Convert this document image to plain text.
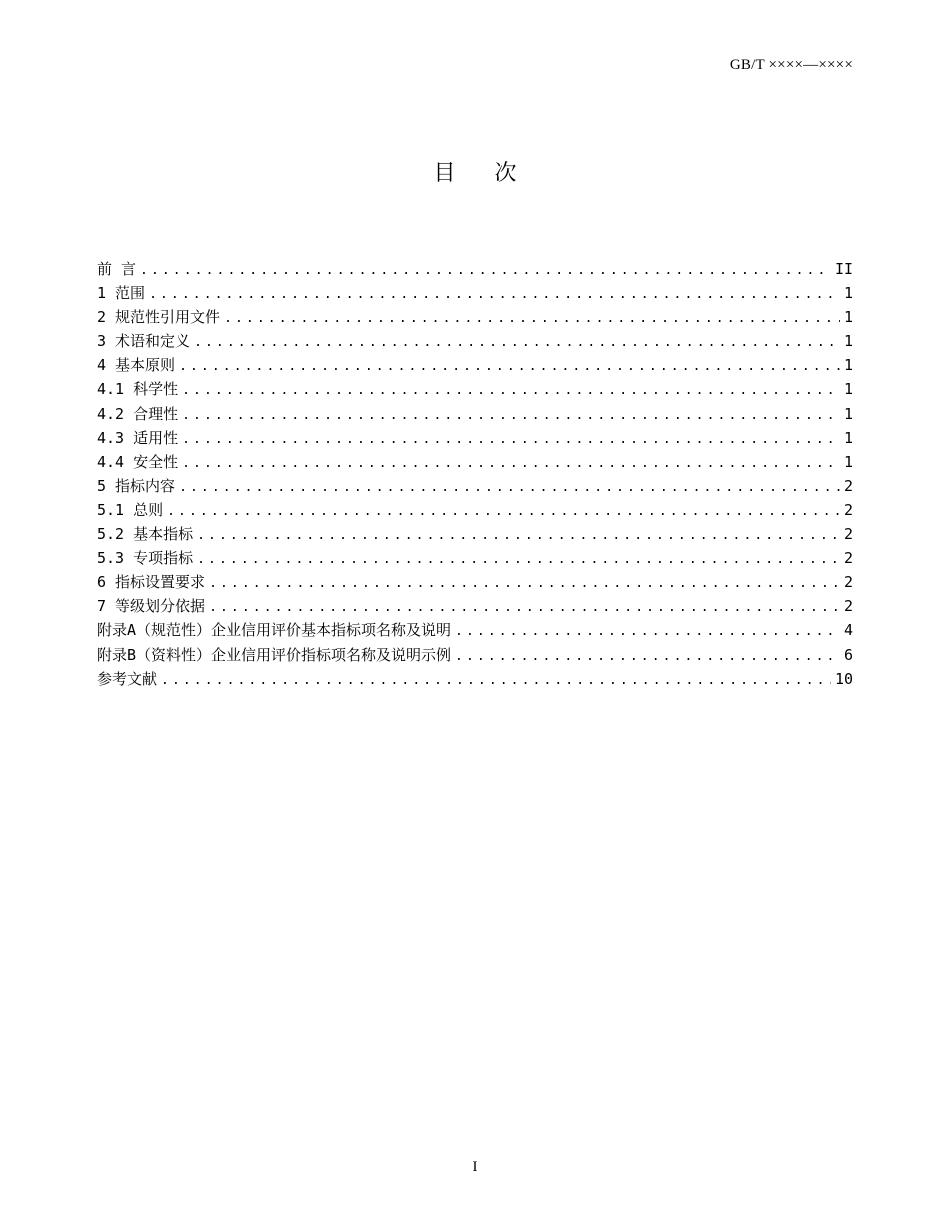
GB/T ××××—××××
目 次
前 言 .....	II
1 范围 .....	1
2 规范性引用文件 .....	1
3 术语和定义 .....	1
4 基本原则 .....	1
4.1 科学性 .....	1
4.2 合理性 .....	1
4.3 适用性 .....	1
4.4 安全性 .....	1
5 指标内容 .....	2
5.1 总则 .....	2
5.2 基本指标 .....	2
5.3 专项指标 .....	2
6 指标设置要求 .....	2
7 等级划分依据 .....	2
附录A（规范性）企业信用评价基本指标项名称及说明 .....	4
附录B（资料性）企业信用评价指标项名称及说明示例 .....	6
参考文献 .....	10
I
